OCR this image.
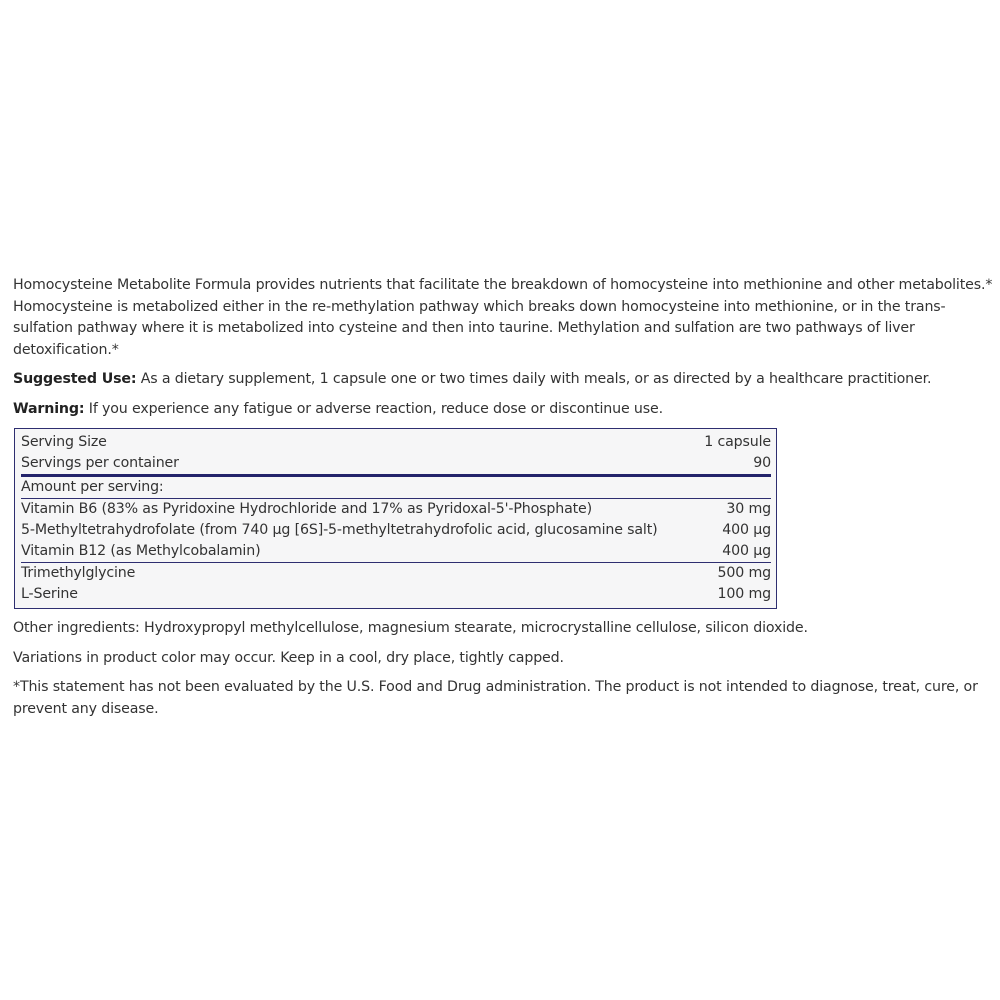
Homocysteine Metabolite Formula provides nutrients that facilitate the breakdown of homocysteine into methionine and other metabolites.* Homocysteine is metabolized either in the re-methylation pathway which breaks down homocysteine into methionine, or in the trans-sulfation pathway where it is metabolized into cysteine and then into taurine. Methylation and sulfation are two pathways of liver detoxification.*

Suggested Use: As a dietary supplement, 1 capsule one or two times daily with meals, or as directed by a healthcare practitioner.

Warning: If you experience any fatigue or adverse reaction, reduce dose or discontinue use.

Serving Size	1 capsule
Servings per container	90
Amount per serving:
Vitamin B6 (83% as Pyridoxine Hydrochloride and 17% as Pyridoxal-5'-Phosphate)	30 mg
5-Methyltetrahydrofolate (from 740 µg [6S]-5-methyltetrahydrofolic acid, glucosamine salt)	400 µg
Vitamin B12 (as Methylcobalamin)	400 µg
Trimethylglycine	500 mg
L-Serine	100 mg

Other ingredients: Hydroxypropyl methylcellulose, magnesium stearate, microcrystalline cellulose, silicon dioxide.

Variations in product color may occur. Keep in a cool, dry place, tightly capped.

*This statement has not been evaluated by the U.S. Food and Drug administration. The product is not intended to diagnose, treat, cure, or prevent any disease.
